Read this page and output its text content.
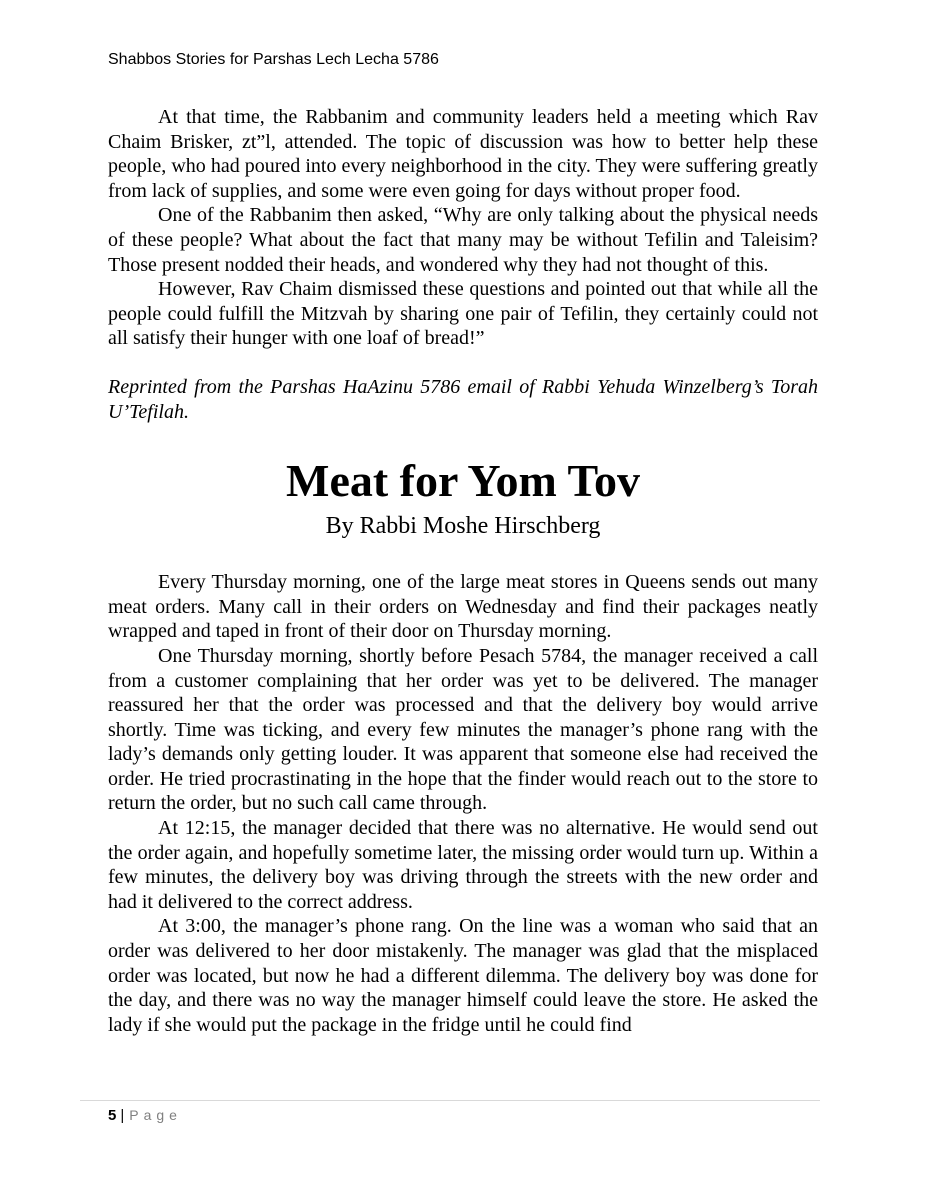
Shabbos Stories for Parshas Lech Lecha 5786

At that time, the Rabbanim and community leaders held a meeting which Rav Chaim Brisker, zt”l, attended. The topic of discussion was how to better help these people, who had poured into every neighborhood in the city. They were suffering greatly from lack of supplies, and some were even going for days without proper food.

One of the Rabbanim then asked, “Why are only talking about the physical needs of these people? What about the fact that many may be without Tefilin and Taleisim? Those present nodded their heads, and wondered why they had not thought of this.

However, Rav Chaim dismissed these questions and pointed out that while all the people could fulfill the Mitzvah by sharing one pair of Tefilin, they certainly could not all satisfy their hunger with one loaf of bread!”

Reprinted from the Parshas HaAzinu 5786 email of Rabbi Yehuda Winzelberg’s Torah U’Tefilah.

Meat for Yom Tov
By Rabbi Moshe Hirschberg

Every Thursday morning, one of the large meat stores in Queens sends out many meat orders. Many call in their orders on Wednesday and find their packages neatly wrapped and taped in front of their door on Thursday morning.

One Thursday morning, shortly before Pesach 5784, the manager received a call from a customer complaining that her order was yet to be delivered. The manager reassured her that the order was processed and that the delivery boy would arrive shortly. Time was ticking, and every few minutes the manager’s phone rang with the lady’s demands only getting louder. It was apparent that someone else had received the order. He tried procrastinating in the hope that the finder would reach out to the store to return the order, but no such call came through.

At 12:15, the manager decided that there was no alternative. He would send out the order again, and hopefully sometime later, the missing order would turn up. Within a few minutes, the delivery boy was driving through the streets with the new order and had it delivered to the correct address.

At 3:00, the manager’s phone rang. On the line was a woman who said that an order was delivered to her door mistakenly. The manager was glad that the misplaced order was located, but now he had a different dilemma. The delivery boy was done for the day, and there was no way the manager himself could leave the store. He asked the lady if she would put the package in the fridge until he could find

5 | Page
